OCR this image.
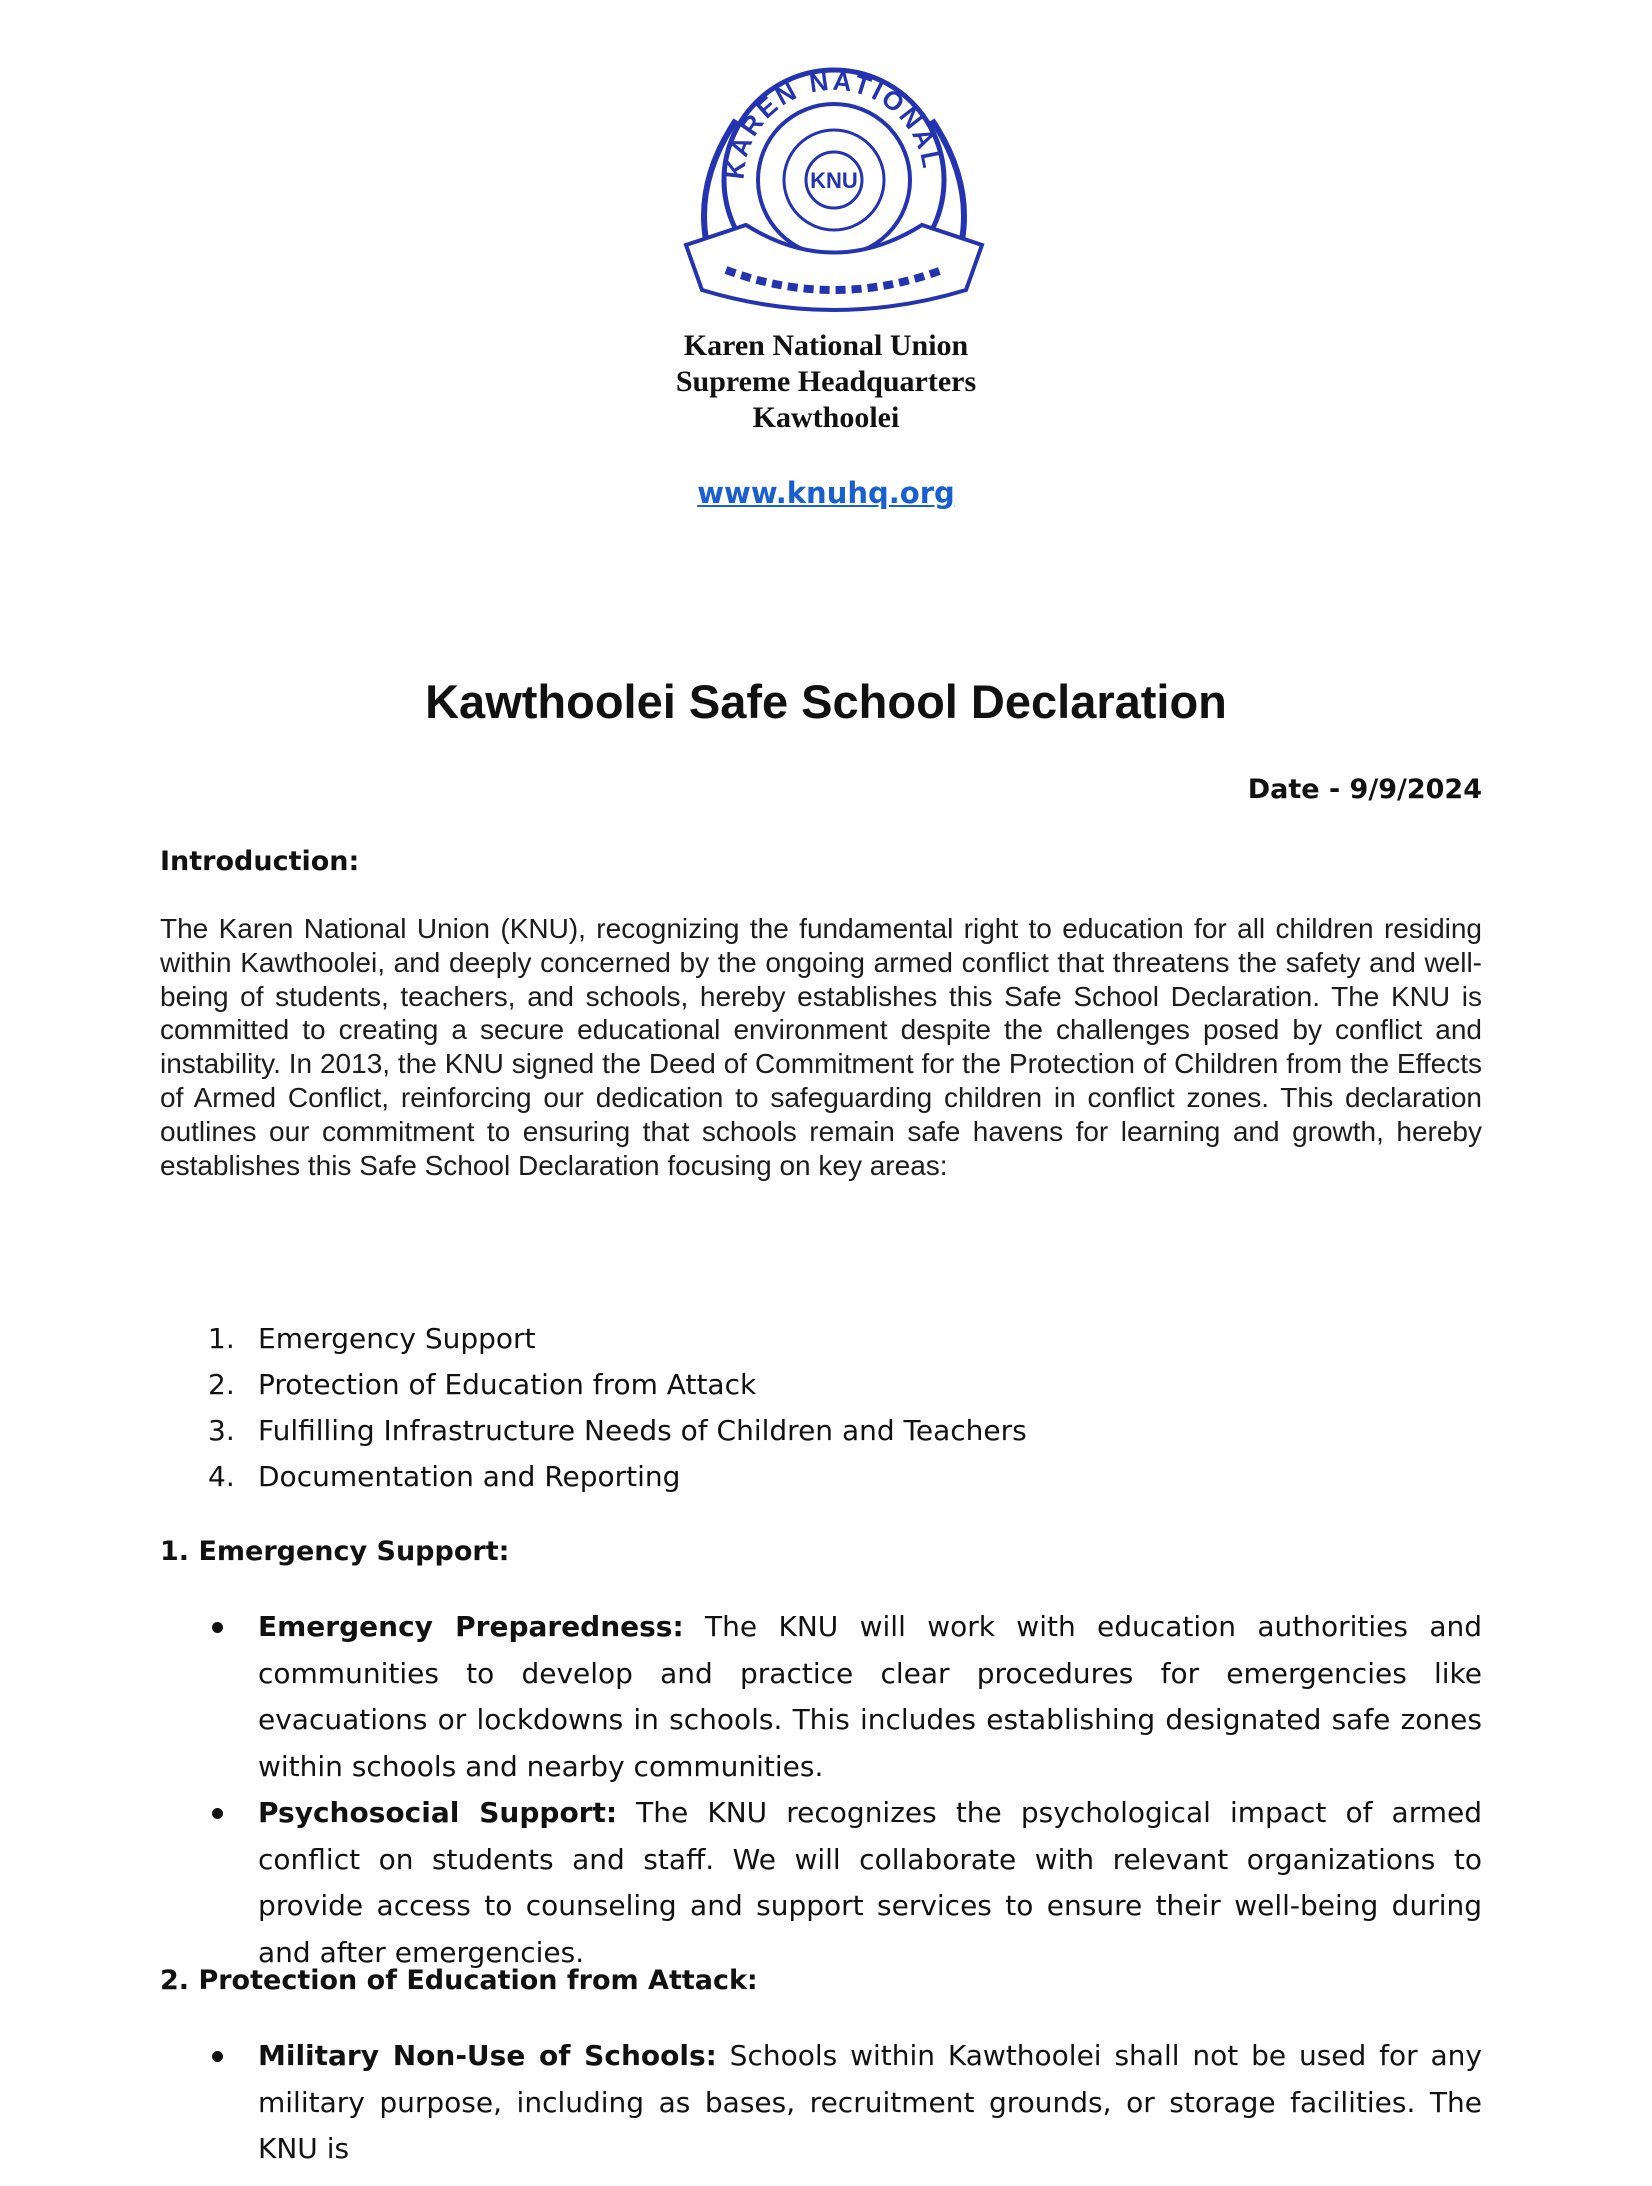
KAREN NATIONAL
KNU
Karen National Union
Supreme Headquarters
Kawthoolei
www.knuhq.org
Kawthoolei Safe School Declaration
Date - 9/9/2024
Introduction:
The Karen National Union (KNU), recognizing the fundamental right to education for all children residing within Kawthoolei, and deeply concerned by the ongoing armed conflict that threatens the safety and well-being of students, teachers, and schools, hereby establishes this Safe School Declaration. The KNU is committed to creating a secure educational environment despite the challenges posed by conflict and instability. In 2013, the KNU signed the Deed of Commitment for the Protection of Children from the Effects of Armed Conflict, reinforcing our dedication to safeguarding children in conflict zones. This declaration outlines our commitment to ensuring that schools remain safe havens for learning and growth, hereby establishes this Safe School Declaration focusing on key areas:
1. Emergency Support
2. Protection of Education from Attack
3. Fulfilling Infrastructure Needs of Children and Teachers
4. Documentation and Reporting
1. Emergency Support:
Emergency Preparedness: The KNU will work with education authorities and communities to develop and practice clear procedures for emergencies like evacuations or lockdowns in schools. This includes establishing designated safe zones within schools and nearby communities.
Psychosocial Support: The KNU recognizes the psychological impact of armed conflict on students and staff. We will collaborate with relevant organizations to provide access to counseling and support services to ensure their well-being during and after emergencies.
2. Protection of Education from Attack:
Military Non-Use of Schools: Schools within Kawthoolei shall not be used for any military purpose, including as bases, recruitment grounds, or storage facilities. The KNU is
